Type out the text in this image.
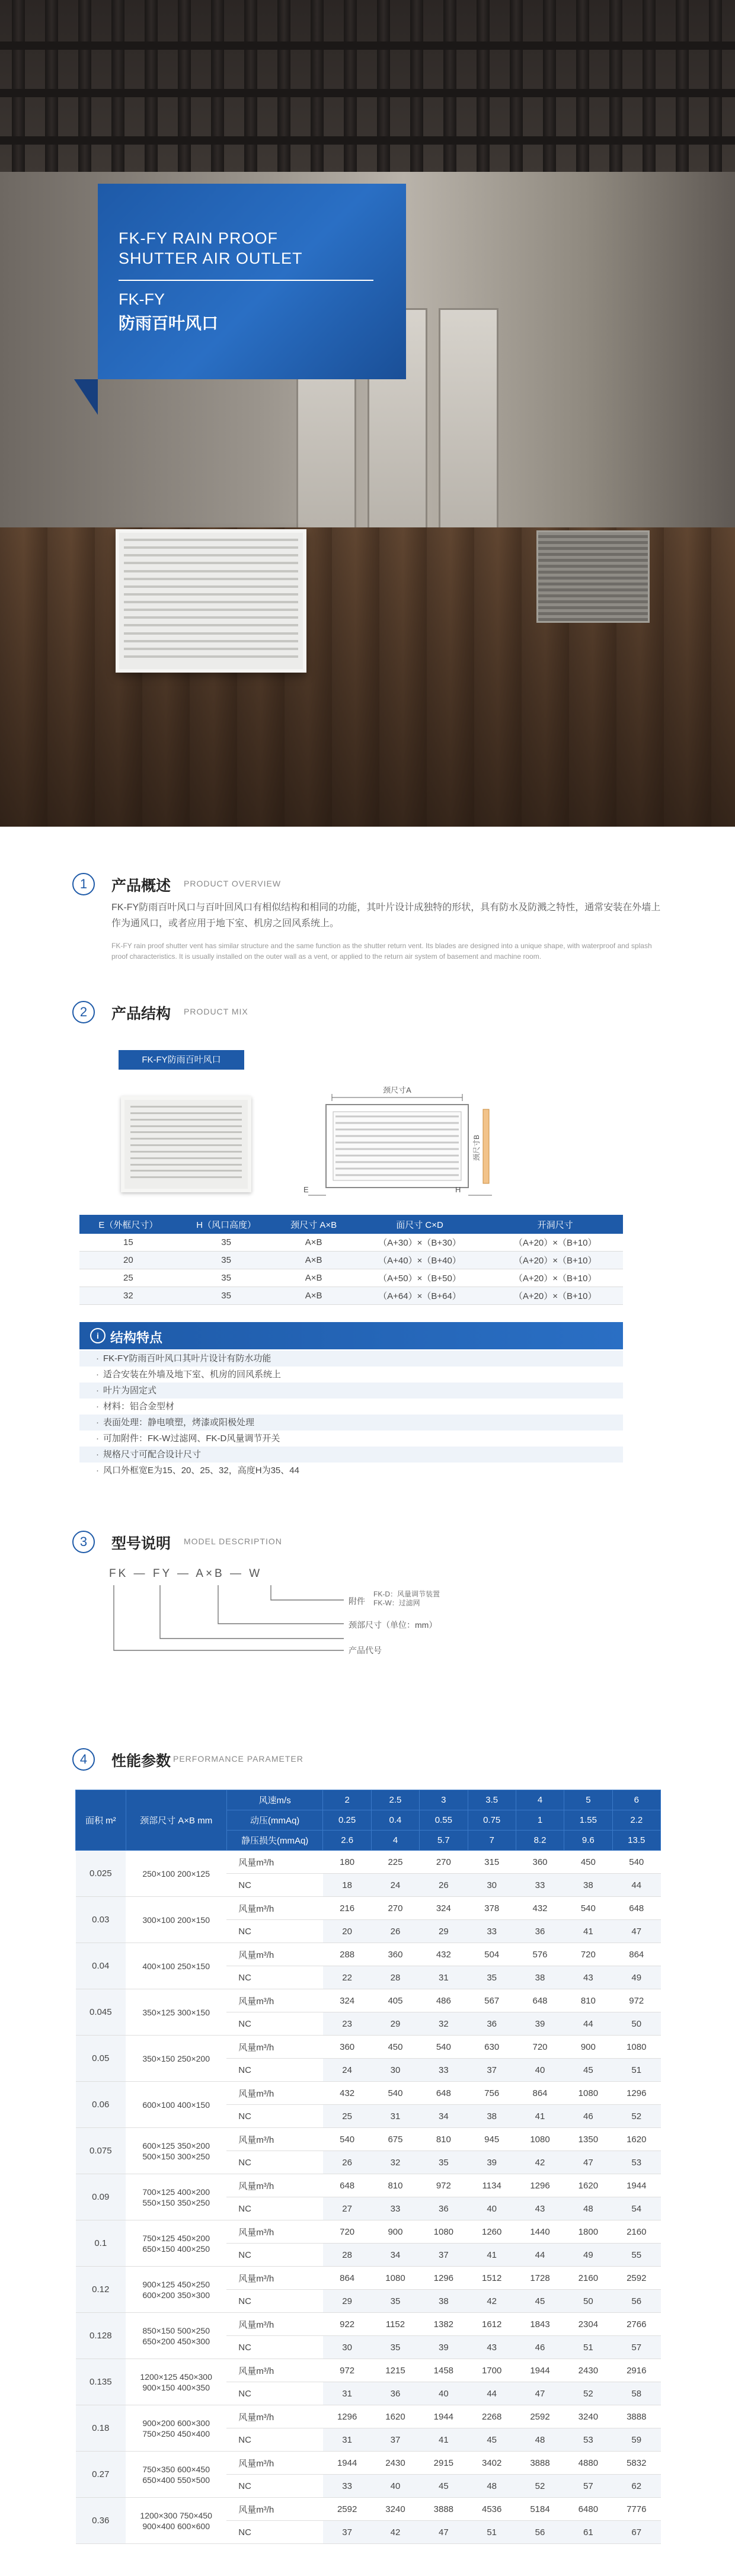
FK-FY RAIN PROOF
SHUTTER AIR OUTLET
FK-FY
防雨百叶风口
1	产品概述 PRODUCT OVERVIEW
FK-FY防雨百叶风口与百叶回风口有相似结构和相同的功能，其叶片设计成独特的形状，具有防水及防溅之特性，通常安装在外墙上作为通风口，或者应用于地下室、机房之回风系统上。
FK-FY rain proof shutter vent has similar structure and the same function as the shutter return vent. Its blades are designed into a unique shape, with waterproof and splash proof characteristics. It is usually installed on the outer wall as a vent, or applied to the return air system of basement and machine room.
2	产品结构 PRODUCT MIX
FK-FY防雨百叶风口
颈尺寸A
颈尺寸B
E	H
E（外框尺寸）	H（风口高度）	颈尺寸 A×B	面尺寸 C×D	开洞尺寸
15	35	A×B	（A+30）×（B+30）	（A+20）×（B+10）
20	35	A×B	（A+40）×（B+40）	（A+20）×（B+10）
25	35	A×B	（A+50）×（B+50）	（A+20）×（B+10）
32	35	A×B	（A+64）×（B+64）	（A+20）×（B+10）
i 结构特点
· FK-FY防雨百叶风口其叶片设计有防水功能
· 适合安装在外墙及地下室、机房的回风系统上
· 叶片为固定式
· 材料：铝合金型材
· 表面处理：静电喷塑，烤漆或阳极处理
· 可加附件：FK-W过滤网、FK-D风量调节开关
· 规格尺寸可配合设计尺寸
· 风口外框宽E为15、20、25、32，高度H为35、44
3	型号说明 MODEL DESCRIPTION
FK — FY — A×B — W
附件
FK-D：风量调节装置
FK-W：过滤网
颈部尺寸（单位：mm）
产品代号
4	性能参数 PERFORMANCE PARAMETER
面积 m²	颈部尺寸 A×B mm	风速m/s	2	2.5	3	3.5	4	5	6
		动压(mmAq)	0.25	0.4	0.55	0.75	1	1.55	2.2
		静压损失(mmAq)	2.6	4	5.7	7	8.2	9.6	13.5
0.025	250×100 200×125	风量m³/h	180	225	270	315	360	450	540
		NC	18	24	26	30	33	38	44
0.03	300×100 200×150	风量m³/h	216	270	324	378	432	540	648
		NC	20	26	29	33	36	41	47
0.04	400×100 250×150	风量m³/h	288	360	432	504	576	720	864
		NC	22	28	31	35	38	43	49
0.045	350×125 300×150	风量m³/h	324	405	486	567	648	810	972
		NC	23	29	32	36	39	44	50
0.05	350×150 250×200	风量m³/h	360	450	540	630	720	900	1080
		NC	24	30	33	37	40	45	51
0.06	600×100 400×150	风量m³/h	432	540	648	756	864	1080	1296
		NC	25	31	34	38	41	46	52
0.075	600×125 350×200
500×150 300×250	风量m³/h	540	675	810	945	1080	1350	1620
		NC	26	32	35	39	42	47	53
0.09	700×125 400×200
550×150 350×250	风量m³/h	648	810	972	1134	1296	1620	1944
		NC	27	33	36	40	43	48	54
0.1	750×125 450×200
650×150 400×250	风量m³/h	720	900	1080	1260	1440	1800	2160
		NC	28	34	37	41	44	49	55
0.12	900×125 450×250
600×200 350×300	风量m³/h	864	1080	1296	1512	1728	2160	2592
		NC	29	35	38	42	45	50	56
0.128	850×150 500×250
650×200 450×300	风量m³/h	922	1152	1382	1612	1843	2304	2766
		NC	30	35	39	43	46	51	57
0.135	1200×125 450×300
900×150 400×350	风量m³/h	972	1215	1458	1700	1944	2430	2916
		NC	31	36	40	44	47	52	58
0.18	900×200 600×300
750×250 450×400	风量m³/h	1296	1620	1944	2268	2592	3240	3888
		NC	31	37	41	45	48	53	59
0.27	750×350 600×450
650×400 550×500	风量m³/h	1944	2430	2915	3402	3888	4880	5832
		NC	33	40	45	48	52	57	62
0.36	1200×300 750×450
900×400 600×600	风量m³/h	2592	3240	3888	4536	5184	6480	7776
		NC	37	42	47	51	56	61	67
